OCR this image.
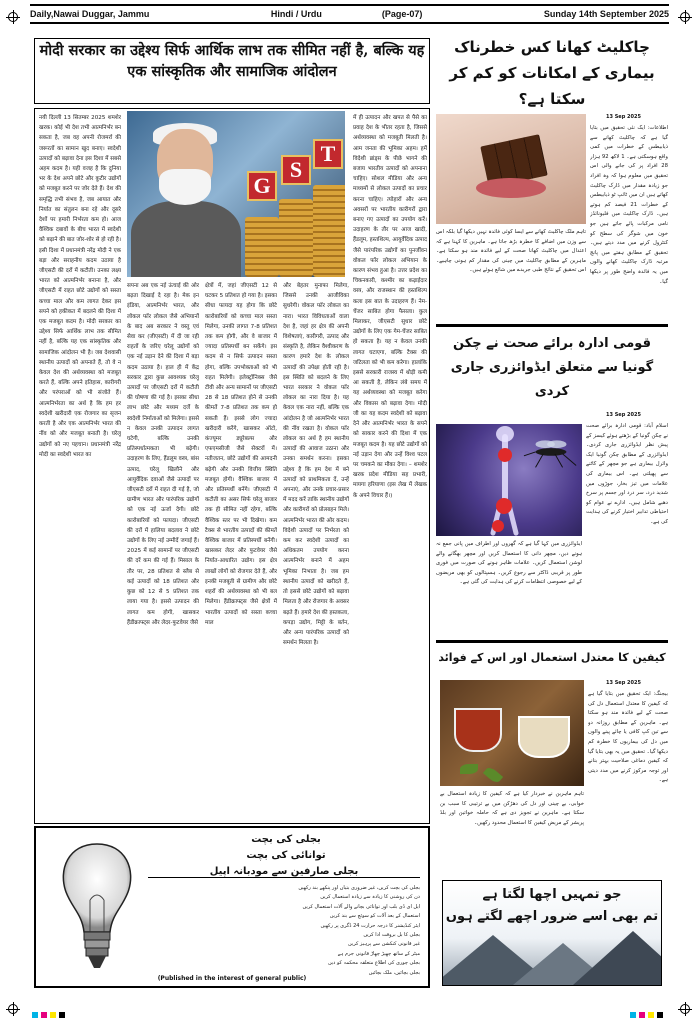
Daily,Nawai Duggar, Jammu	Hindi / Urdu	(Page-07)	Sunday 14th September 2025
मोदी सरकार का उद्देश्य सिर्फ आर्थिक लाभ तक सीमित नहीं है, बल्कि यह एक सांस्कृतिक और सामाजिक आंदोलन
नयी दिल्ली 13 सितम्बर 2025 शमशेर खरक। कोई भी देश तभी आत्मनिर्भर बन सकता है, जब वह अपनी रोजमर्रा की जरूरतों का सामान खुद बनाए। स्वदेशी उत्पादों को बढ़ावा देना इस दिशा में सबसे अहम कदम है। यही वजह है कि दुनिया भर के देश अपने छोटे और कुटीर उद्योगों को मजबूत करने पर जोर देते हैं। देश की समृद्धि तभी संभव है, जब आयात और निर्यात का संतुलन बना रहे और दूसरे देशों पर हमारी निर्भरता कम हो। आज वैश्विक दबावों के बीच भारत में स्वदेशी को बढ़ाने की बात जोर-शोर से हो रही है। इसी दिशा में प्रधानमंत्री नरेंद्र मोदी ने एक बड़ा और सराहनीय कदम उठाया है जीएसटी की दरों में कटौती। उनका लक्ष्य भारत को आत्मनिर्भर बनाना है, और जीएसटी में राहत छोटे उद्योगों को सस्ता कच्चा माल और कम लागत देकर इस सपने को हकीकत में बदलने की दिशा में एक मजबूत कदम है। मोदी सरकार का उद्देश्य सिर्फ आर्थिक लाभ तक सीमित नहीं है, बल्कि यह एक सांस्कृतिक और सामाजिक आंदोलन भी है। जब देशवासी स्थानीय उत्पादों को अपनाते हैं, तो वे न केवल देश की अर्थव्यवस्था को मजबूत करते हैं, बल्कि अपने इतिहास, कारीगरी और परंपराओं को भी संजोते हैं। आत्मनिर्भरता का अर्थ है कि हम हर स्वदेशी खरीदारी एक रोजगार का सृजन करती है और एक आत्मनिर्भर भारत की नींव को और मजबूत बनाती है। घरेलू उद्योगों को नए पहचान। प्रधानमंत्री नरेंद्र मोदी का स्वदेशी भारत का
G
S
T
सपना अब एक नई ऊंचाई की ओर बढ़ता दिखाई दे रहा है। मेक इन इंडिया, आत्मनिर्भर भारत, और लोकल फॉर लोकल जैसे अभियानों के बाद अब सरकार ने वस्तु एवं सेवा कर (जीएसटी) में दी जा रही राहतों के जरिए घरेलू उद्योगों को एक नई उड़ान देने की दिशा में बड़ा कदम उठाया है। हाल ही में केंद्र सरकार द्वारा कुछ आवश्यक घरेलू उत्पादों पर जीएसटी दरों में कटौती की घोषणा की गई है। इसका सीधा लाभ छोटे और मध्यम दर्जे के स्वदेशी निर्माताओं को मिलेगा। इससे न केवल उनकी उत्पादन लागत घटेगी, बल्कि उनकी प्रतिस्पर्धात्मकता भी बढ़ेगी। उदाहरण के लिए, हैंडलूम वस्त्र, बांस उत्पाद, घरेलू खिलौने और आयुर्वेदिक दवाओं जैसे उत्पादों पर जीएसटी दरों में राहत दी गई है, जो ग्रामीण भारत और पारंपरिक उद्योगों को एक नई ऊर्जा देगी। छोटे कारोबारियों को फायदा। जीएसटी की दरों में हालिया बदलाव ने छोटे उद्योगों के लिए नई उम्मीदें जगाई हैं। 2025 में कई सामानों पर जीएसटी की दरें कम की गई हैं। मिसाल के तौर पर, 28 प्रतिशत से स्लैब से कई उत्पादों को 18 प्रतिशत और कुछ को 12 से 5 प्रतिशत तक लाया गया है। इससे उत्पादन की लागत कम होगी, खासकर हैंडीक्राफ्ट्स और लेदर-फुटवेयर जैसे
क्षेत्रों में, जहां जीएसटी 12 से घटकर 5 प्रतिशत हो गया है। इसका सीधा फायदा यह होगा कि छोटे कारोबारियों को कच्चा माल सस्ता मिलेगा, उनकी लागत 7-8 प्रतिशत तक कम होगी, और वे बाजार में ज्यादा प्रतिस्पर्धी बन सकेंगे। इस कदम से न सिर्फ उत्पादन सस्ता होगा, बल्कि उपभोक्ताओं को भी राहत मिलेगी। इलेक्ट्रॉनिक्स जैसे टीवी और अन्य सामानों पर जीएसटी 28 से 18 प्रतिशत होने से उनकी कीमतें 7-8 प्रतिशत तक कम हो सकती हैं। इससे लोग ज्यादा खरीदारी करेंगे, खासकर ऑटो, कंज्यूमर ड्यूरेबल्स और एफएमसीजी जैसे सेक्टरों में। नतीजतन, छोटे उद्योगों की आमदनी बढ़ेगी और उनकी वित्तीय स्थिति मजबूत होगी। वैश्विक बाजार में और प्रतिस्पर्धी बनेंगे। जीएसटी में कटौती का असर सिर्फ घरेलू बाजार तक ही सीमित नहीं रहेगा, बल्कि वैश्विक स्तर पर भी दिखेगा। कम टैक्स से भारतीय उत्पादों की कीमतें वैश्विक बाजार में प्रतिस्पर्धी बनेंगी। खासकर लेदर और फुटवेयर जैसे निर्यात-आधारित उद्योग। इस क्षेत्र लाखों लोगों को रोजगार देते हैं, और इनकी मजबूती से ग्रामीण और छोटे शहरों की अर्थव्यवस्था को भी बल मिलेगा। हैंडीक्राफ्ट्स जैसे क्षेत्रों में भारतीय उत्पादों को सस्ता कच्चा माल
और बेहतर मुनाफा मिलेगा, जिससे उनकी आजीविका सुधरेगी। वोकल फॉर लोकल का नारा। भारत विविधताओं वाला देश है, जहां हर क्षेत्र की अपनी विशेषताएं, कारीगरी, उत्पाद और संस्कृति है, लेकिन वैश्वीकरण के कारण हमारे देश के लोकल उत्पादों की उपेक्षा होती रही है। इस स्थिति को बदलने के लिए भारत सरकार ने वोकल फॉर लोकल का नारा दिया है। यह केवल एक नारा नहीं, बल्कि एक आंदोलन है जो आत्मनिर्भर भारत की नींव रखता है। वोकल फॉर लोकल का अर्थ है हम स्थानीय उत्पादों की आवाज उठाना और उनका समर्थन करना। इसका उद्देश्य है कि हम देश में बने उत्पादों को प्राथमिकता दें, उन्हें अपनाएं, और उनके प्रचार-प्रसार में मदद करें ताकि स्थानीय उद्योगों और कारीगरों को प्रोत्साहन मिले। आत्मनिर्भर भारत की ओर कदम। विदेशी उत्पादों पर निर्भरता को कम कर स्वदेशी उत्पादों का अधिकतम उपयोग करना आत्मनिर्भर बनाने में अहम भूमिका निभाता है। जब हम स्थानीय उत्पादों को खरीदते हैं, तो इससे छोटे उद्योगों को बढ़ावा मिलता है और रोजगार के अवसर बढ़ते हैं। हमारे देश की हस्तकला, कपड़ा उद्योग, मिट्टी के बर्तन, और अन्य पारंपरिक उत्पादों को समर्थन मिलता है।
में ही उत्पादन और खपत से पैसे का प्रवाह देश के भीतर रहता है, जिससे अर्थव्यवस्था को मजबूती मिलती है। आम जनता की भूमिका अहम। हमें विदेशी ब्रांड्स के पीछे भागने की बजाय भारतीय उत्पादों को अपनाना चाहिए। सोशल मीडिया और अन्य माध्यमों से लोकल उत्पादों का प्रचार करना चाहिए। त्योहारों और अन्य अवसरों पर भारतीय कारीगरों द्वारा बनाए गए उत्पादों का उपयोग करें। उदाहरण के तौर पर आज खादी, हैंडलूम, हस्तशिल्प, आयुर्वेदिक उत्पाद जैसे पारंपरिक उद्योगों का पुनर्जीवन वोकल फॉर लोकल अभियान के कारण संभव हुआ है। उत्तर प्रदेश का चिकनकारी, कश्मीर का कढ़ाईदार वस्त्र, और राजस्थान की हस्तशिल्प कला इस बात के उदाहरण हैं। नेम-चेंजर साबित होगा फैसला। कुल मिलाकर, जीएसटी सुधार छोटे उद्योगों के लिए एक गेम-चेंजर साबित हो सकता है। यह न केवल उनकी लागत घटाएगा, बल्कि टैक्स की जटिलता को भी कम करेगा। हालांकि इससे सरकारी राजस्व में थोड़ी कमी आ सकती है, लेकिन लंबे समय में यह अर्थव्यवस्था को मजबूत करेगा और विकास को बढ़ावा देगा। मोदी जी का यह कदम स्वदेशी को बढ़ावा देने और आत्मनिर्भर भारत के सपने को साकार करने की दिशा में एक मजबूत कदम है। यह छोटे उद्योगों को नई उड़ान देगा और उन्हें विश्व पटल पर चमकने का मौका देगा। – शमशेर खरक प्रदेश मीडिया सह प्रभारी, मायगा हरियाणा (इस लेख में लेखक के अपने विचार हैं।)
بجلی کی بچت
توانائی کی بچت
بجلی صارفین سے مودبانہ اپیل
بجلی کی بچت کریں، غیر ضروری بتیاں اور پنکھے بند رکھیں
دن کی روشنی کا زیادہ سے زیادہ استعمال کریں
ایل ای ڈی بلب اور توانائی بچانے والے آلات استعمال کریں
استعمال کے بعد آلات کو سوئچ سے بند کریں
ایئر کنڈیشنر کا درجہ حرارت 24 ڈگری پر رکھیں
بجلی کا بل بروقت ادا کریں
غیر قانونی کنکشن سے پرہیز کریں
میٹر کے ساتھ چھیڑ چھاڑ قانونی جرم ہے
بجلی چوری کی اطلاع متعلقہ محکمہ کو دیں
بجلی بچائیں، ملک بچائیں
(Published in the interest of general public)
چاکلیٹ کھانا کس خطرناک بیماری کے امکانات کو کم کر سکتا ہے؟
13 Sep 2025
اطلاعات: ایک نئی تحقیق میں بتایا گیا ہے کہ چاکلیٹ کھانے سے ذیابیطس کے خطرات میں کمی واقع ہوسکتی ہے۔ 1 لاکھ 92 ہزار 28 افراد پر کی جانے والی اس تحقیق میں معلوم ہوا کہ وہ افراد جو زیادہ مقدار میں ڈارک چاکلیٹ کھاتے ہیں ان میں ٹائپ ٹو ذیابیطس کے خطرات 21 فیصد کم ہوتے ہیں۔ ڈارک چاکلیٹ میں فلیونائڈز نامی مرکبات پائے جاتے ہیں جو خون میں شوگر کی سطح کو کنٹرول کرنے میں مدد دیتے ہیں۔ تحقیق کے مطابق ہفتے میں پانچ مرتبہ ڈارک چاکلیٹ کھانے والوں میں یہ فائدہ واضح طور پر دیکھا گیا۔
تاہم ملک چاکلیٹ کھانے سے ایسا کوئی فائدہ نہیں دیکھا گیا بلکہ اس سے وزن میں اضافے کا خطرہ بڑھ جاتا ہے۔ ماہرین کا کہنا ہے کہ اعتدال میں چاکلیٹ کھانا صحت کے لیے فائدہ مند ہو سکتا ہے۔ ماہرین کے مطابق چاکلیٹ میں چینی کی مقدار کم ہونی چاہیے۔ اس تحقیق کے نتائج طبی جریدے میں شائع ہوئے ہیں۔
قومی ادارہ برائے صحت نے چکن گونیا سے متعلق ایڈوائزری جاری کردی
13 Sep 2025
اسلام آباد: قومی ادارہ برائے صحت نے چکن گونیا کے بڑھتے ہوئے کیسز کے پیش نظر ایڈوائزری جاری کردی۔ ایڈوائزری کے مطابق چکن گونیا ایک وائرل بیماری ہے جو مچھر کے کاٹنے سے پھیلتی ہے۔ اس بیماری کی علامات میں تیز بخار، جوڑوں میں شدید درد، سر درد اور جسم پر سرخ دھبے شامل ہیں۔ ادارے نے عوام کو احتیاطی تدابیر اختیار کرنے کی ہدایت کی ہے۔
ایڈوائزری میں کہا گیا ہے کہ گھروں اور اطراف میں پانی جمع نہ ہونے دیں، مچھر دانی کا استعمال کریں اور مچھر بھگانے والے لوشن استعمال کریں۔ علامات ظاہر ہونے کی صورت میں فوری طور پر قریبی ڈاکٹر سے رجوع کریں۔ ہسپتالوں کو بھی مریضوں کے لیے خصوصی انتظامات کرنے کی ہدایت کی گئی ہے۔
کیفین کا معتدل استعمال اور اس کے فوائد
13 Sep 2025
بیجنگ: ایک تحقیق میں بتایا گیا ہے کہ کیفین کا معتدل استعمال دل کی صحت کے لیے فائدہ مند ہو سکتا ہے۔ ماہرین کے مطابق روزانہ دو سے تین کپ کافی یا چائے پینے والوں میں دل کی بیماریوں کا خطرہ کم دیکھا گیا۔ تحقیق میں یہ بھی بتایا گیا کہ کیفین دماغی صلاحیت بہتر بنانے اور توجہ مرکوز کرنے میں مدد دیتی ہے۔
تاہم ماہرین نے خبردار کیا ہے کہ کیفین کا زیادہ استعمال بے خوابی، بے چینی اور دل کی دھڑکن میں بے ترتیبی کا سبب بن سکتا ہے۔ ماہرین نے تجویز دی ہے کہ حاملہ خواتین اور بلڈ پریشر کے مریض کیفین کا استعمال محدود رکھیں۔
جو تمہیں اچھا لگتا ہے
تم بھی اسے ضرور اچھے لگتے ہوں
